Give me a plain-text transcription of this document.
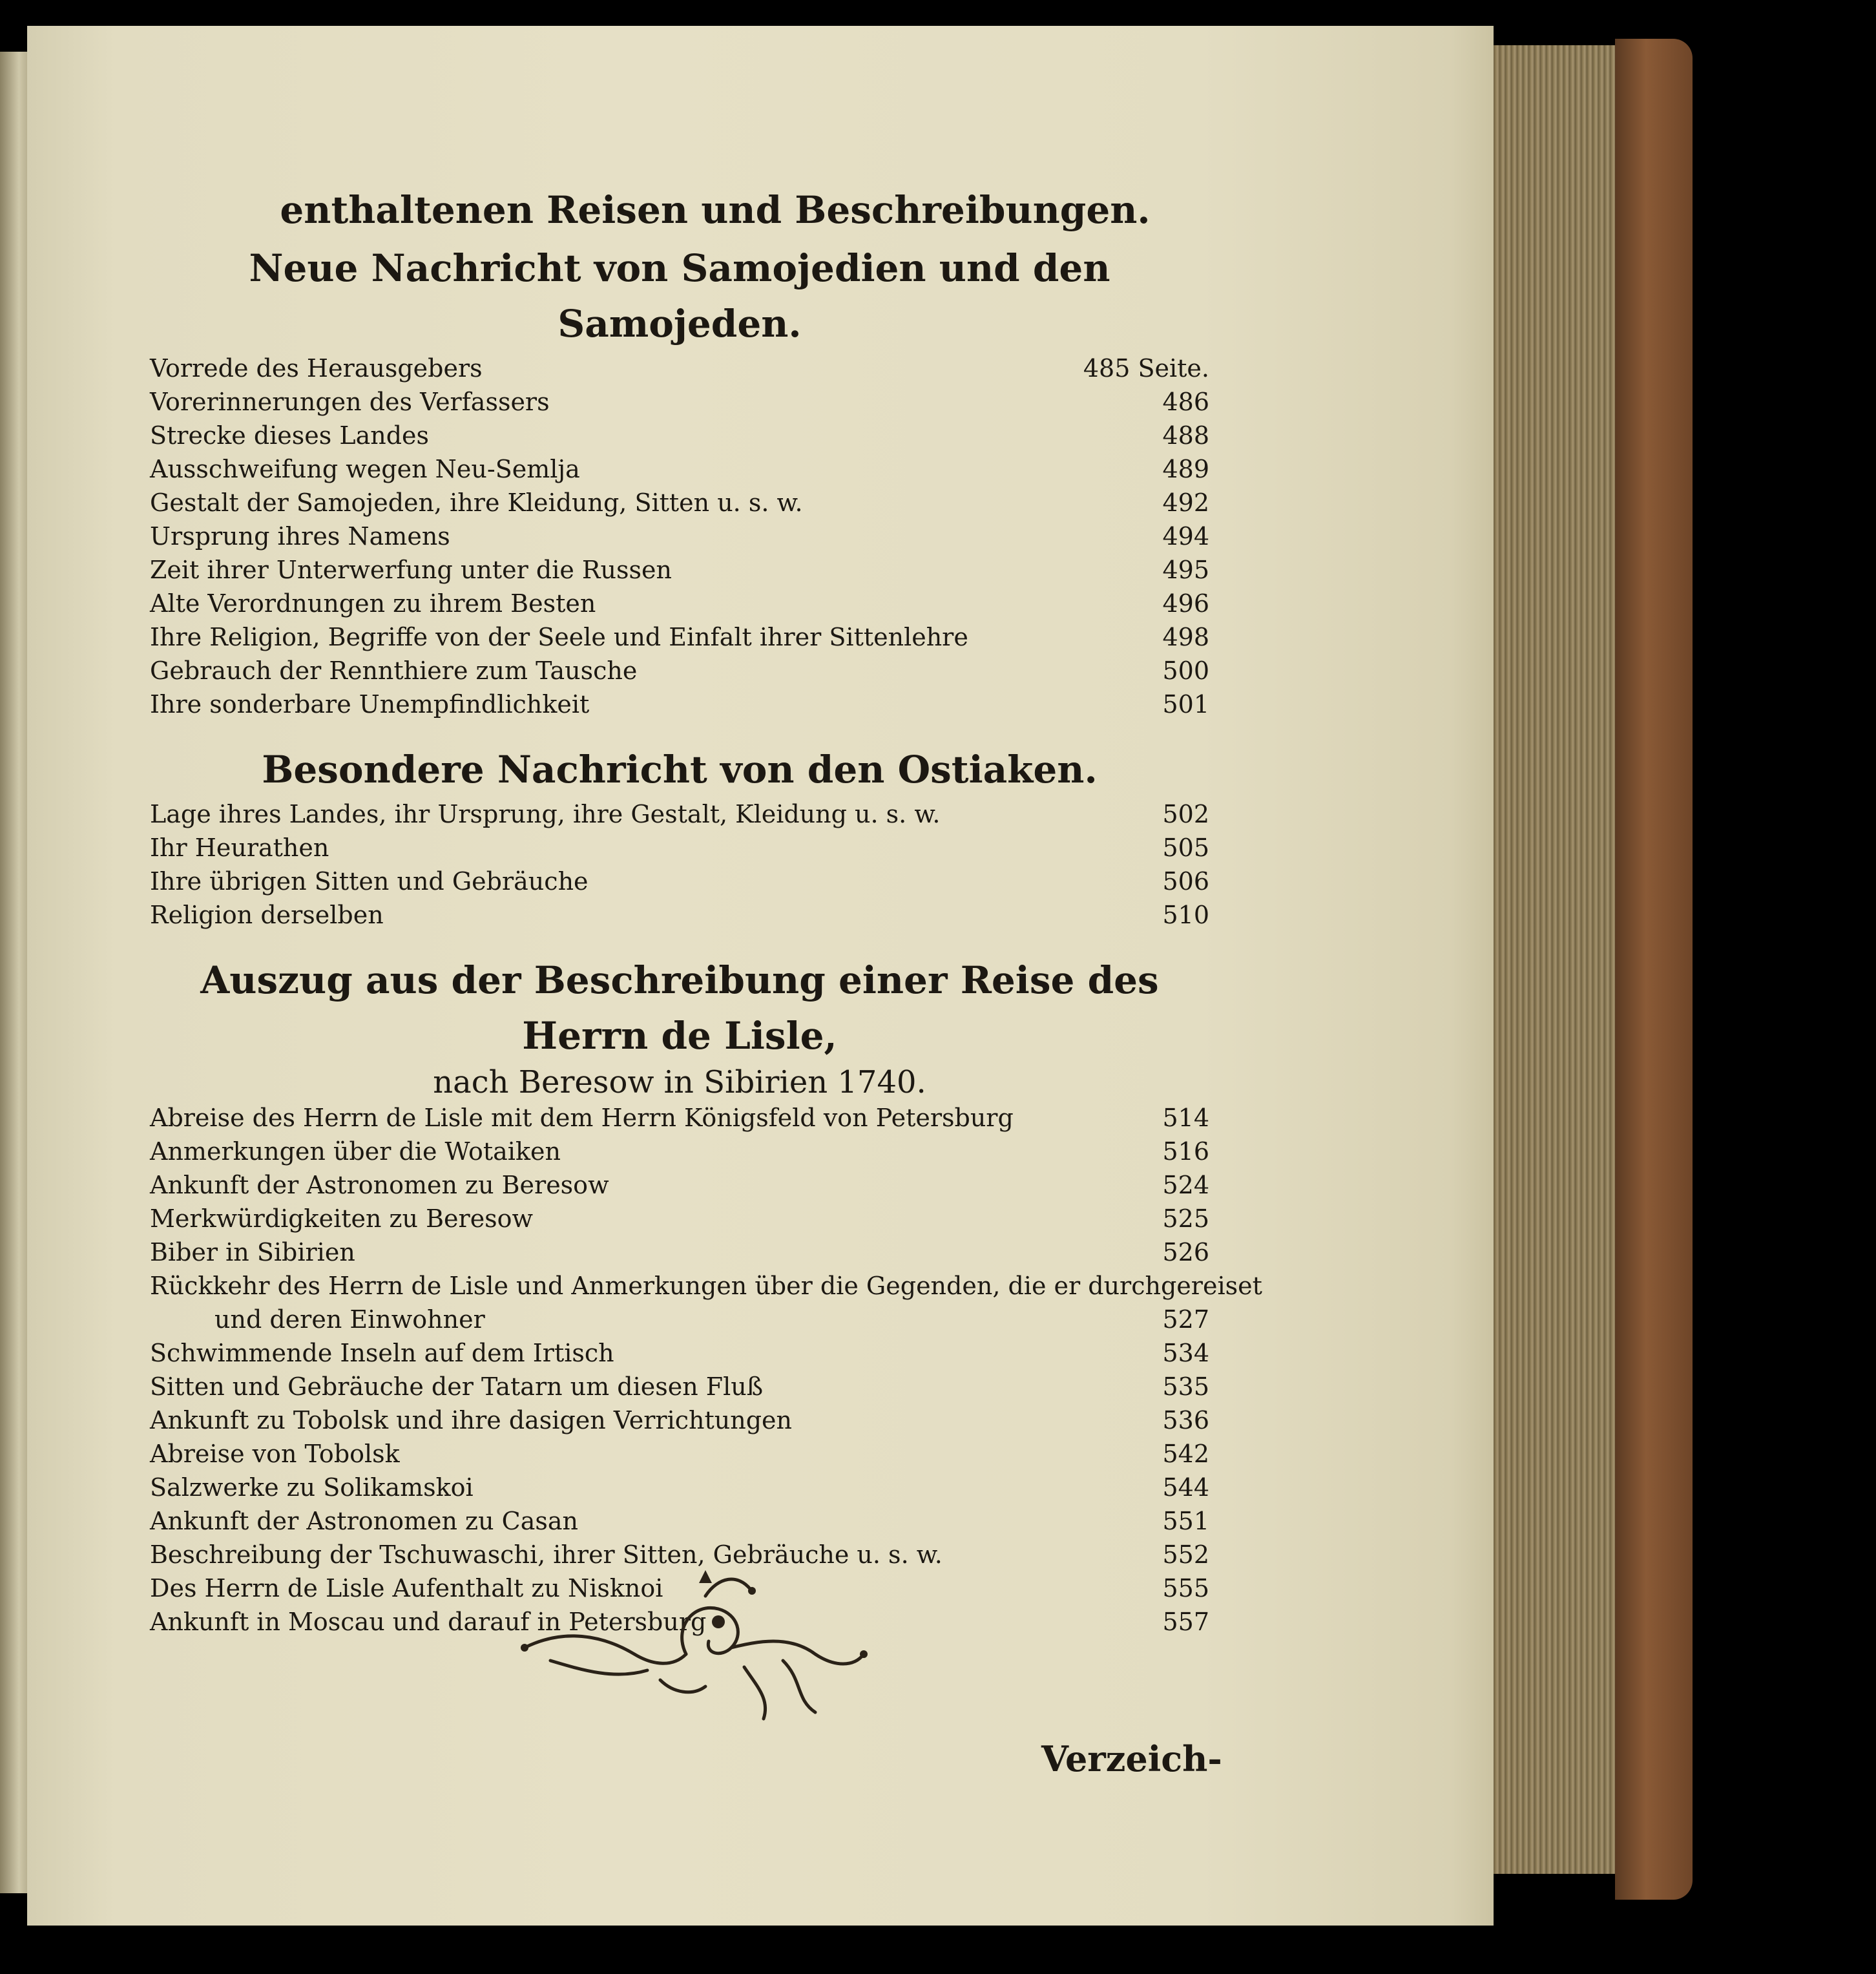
enthaltenen Reisen und Beschreibungen.
Neue Nachricht von Samojedien und den Samojeden.
Vorrede des Herausgebers	485 Seite.
Vorerinnerungen des Verfassers	486
Strecke dieses Landes	488
Ausschweifung wegen Neu-Semlja	489
Gestalt der Samojeden, ihre Kleidung, Sitten u. s. w.	492
Ursprung ihres Namens	494
Zeit ihrer Unterwerfung unter die Russen	495
Alte Verordnungen zu ihrem Besten	496
Ihre Religion, Begriffe von der Seele und Einfalt ihrer Sittenlehre	498
Gebrauch der Rennthiere zum Tausche	500
Ihre sonderbare Unempfindlichkeit	501
Besondere Nachricht von den Ostiaken.
Lage ihres Landes, ihr Ursprung, ihre Gestalt, Kleidung u. s. w.	502
Ihr Heurathen	505
Ihre übrigen Sitten und Gebräuche	506
Religion derselben	510
Auszug aus der Beschreibung einer Reise des Herrn de Lisle,
nach Beresow in Sibirien 1740.
Abreise des Herrn de Lisle mit dem Herrn Königsfeld von Petersburg	514
Anmerkungen über die Wotaiken	516
Ankunft der Astronomen zu Beresow	524
Merkwürdigkeiten zu Beresow	525
Biber in Sibirien	526
Rückkehr des Herrn de Lisle und Anmerkungen über die Gegenden, die er durchgereiset
und deren Einwohner	527
Schwimmende Inseln auf dem Irtisch	534
Sitten und Gebräuche der Tatarn um diesen Fluß	535
Ankunft zu Tobolsk und ihre dasigen Verrichtungen	536
Abreise von Tobolsk	542
Salzwerke zu Solikamskoi	544
Ankunft der Astronomen zu Casan	551
Beschreibung der Tschuwaschi, ihrer Sitten, Gebräuche u. s. w.	552
Des Herrn de Lisle Aufenthalt zu Nisknoi	555
Ankunft in Moscau und darauf in Petersburg	557
Verzeich-
